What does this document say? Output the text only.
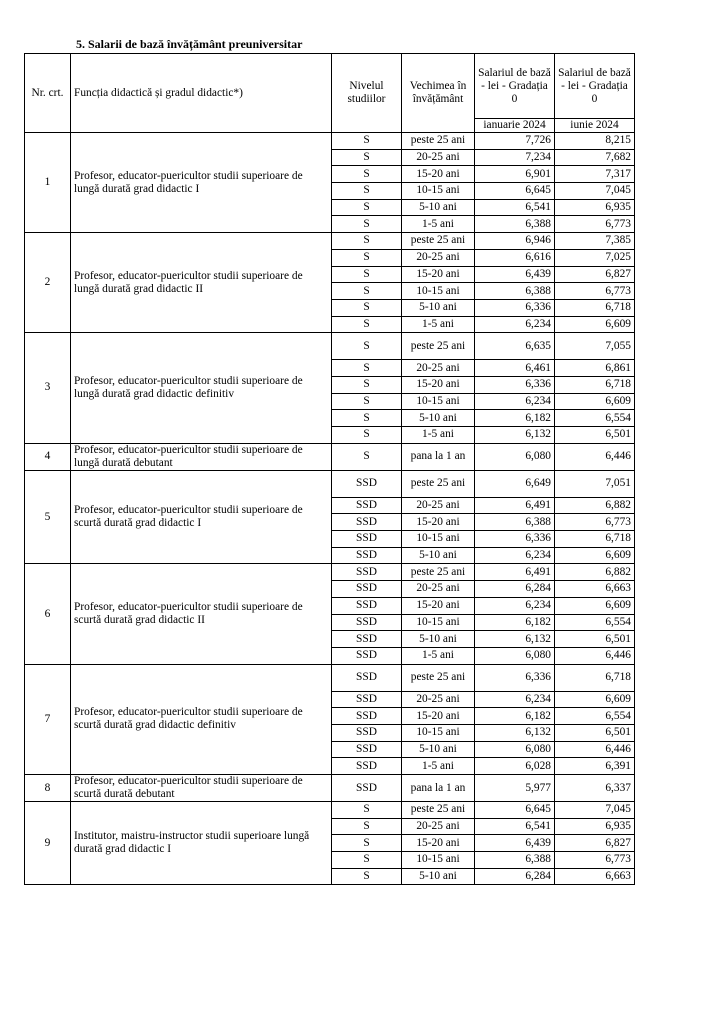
5. Salarii de bază învățământ preuniversitar
Nr. crt.	Funcția didactică și gradul didactic*)	Nivelul studiilor	Vechimea în învățământ	Salariul de bază - lei - Gradația 0	Salariul de bază - lei - Gradația 0
				ianuarie 2024	iunie 2024
1	Profesor, educator-puericultor studii superioare de lungă durată grad didactic I	S	peste 25 ani	7,726	8,215
		S	20-25 ani	7,234	7,682
		S	15-20 ani	6,901	7,317
		S	10-15 ani	6,645	7,045
		S	5-10 ani	6,541	6,935
		S	1-5 ani	6,388	6,773
2	Profesor, educator-puericultor studii superioare de lungă durată grad didactic II	S	peste 25 ani	6,946	7,385
		S	20-25 ani	6,616	7,025
		S	15-20 ani	6,439	6,827
		S	10-15 ani	6,388	6,773
		S	5-10 ani	6,336	6,718
		S	1-5 ani	6,234	6,609
3	Profesor, educator-puericultor studii superioare de lungă durată grad didactic definitiv	S	peste 25 ani	6,635	7,055
		S	20-25 ani	6,461	6,861
		S	15-20 ani	6,336	6,718
		S	10-15 ani	6,234	6,609
		S	5-10 ani	6,182	6,554
		S	1-5 ani	6,132	6,501
4	Profesor, educator-puericultor studii superioare de lungă durată debutant	S	pana la 1 an	6,080	6,446
5	Profesor, educator-puericultor studii superioare de scurtă durată grad didactic I	SSD	peste 25 ani	6,649	7,051
		SSD	20-25 ani	6,491	6,882
		SSD	15-20 ani	6,388	6,773
		SSD	10-15 ani	6,336	6,718
		SSD	5-10 ani	6,234	6,609
6	Profesor, educator-puericultor studii superioare de scurtă durată grad didactic II	SSD	peste 25 ani	6,491	6,882
		SSD	20-25 ani	6,284	6,663
		SSD	15-20 ani	6,234	6,609
		SSD	10-15 ani	6,182	6,554
		SSD	5-10 ani	6,132	6,501
		SSD	1-5 ani	6,080	6,446
7	Profesor, educator-puericultor studii superioare de scurtă durată grad didactic definitiv	SSD	peste 25 ani	6,336	6,718
		SSD	20-25 ani	6,234	6,609
		SSD	15-20 ani	6,182	6,554
		SSD	10-15 ani	6,132	6,501
		SSD	5-10 ani	6,080	6,446
		SSD	1-5 ani	6,028	6,391
8	Profesor, educator-puericultor studii superioare de scurtă durată debutant	SSD	pana la 1 an	5,977	6,337
9	Institutor, maistru-instructor studii superioare lungă durată grad didactic I	S	peste 25 ani	6,645	7,045
		S	20-25 ani	6,541	6,935
		S	15-20 ani	6,439	6,827
		S	10-15 ani	6,388	6,773
		S	5-10 ani	6,284	6,663
